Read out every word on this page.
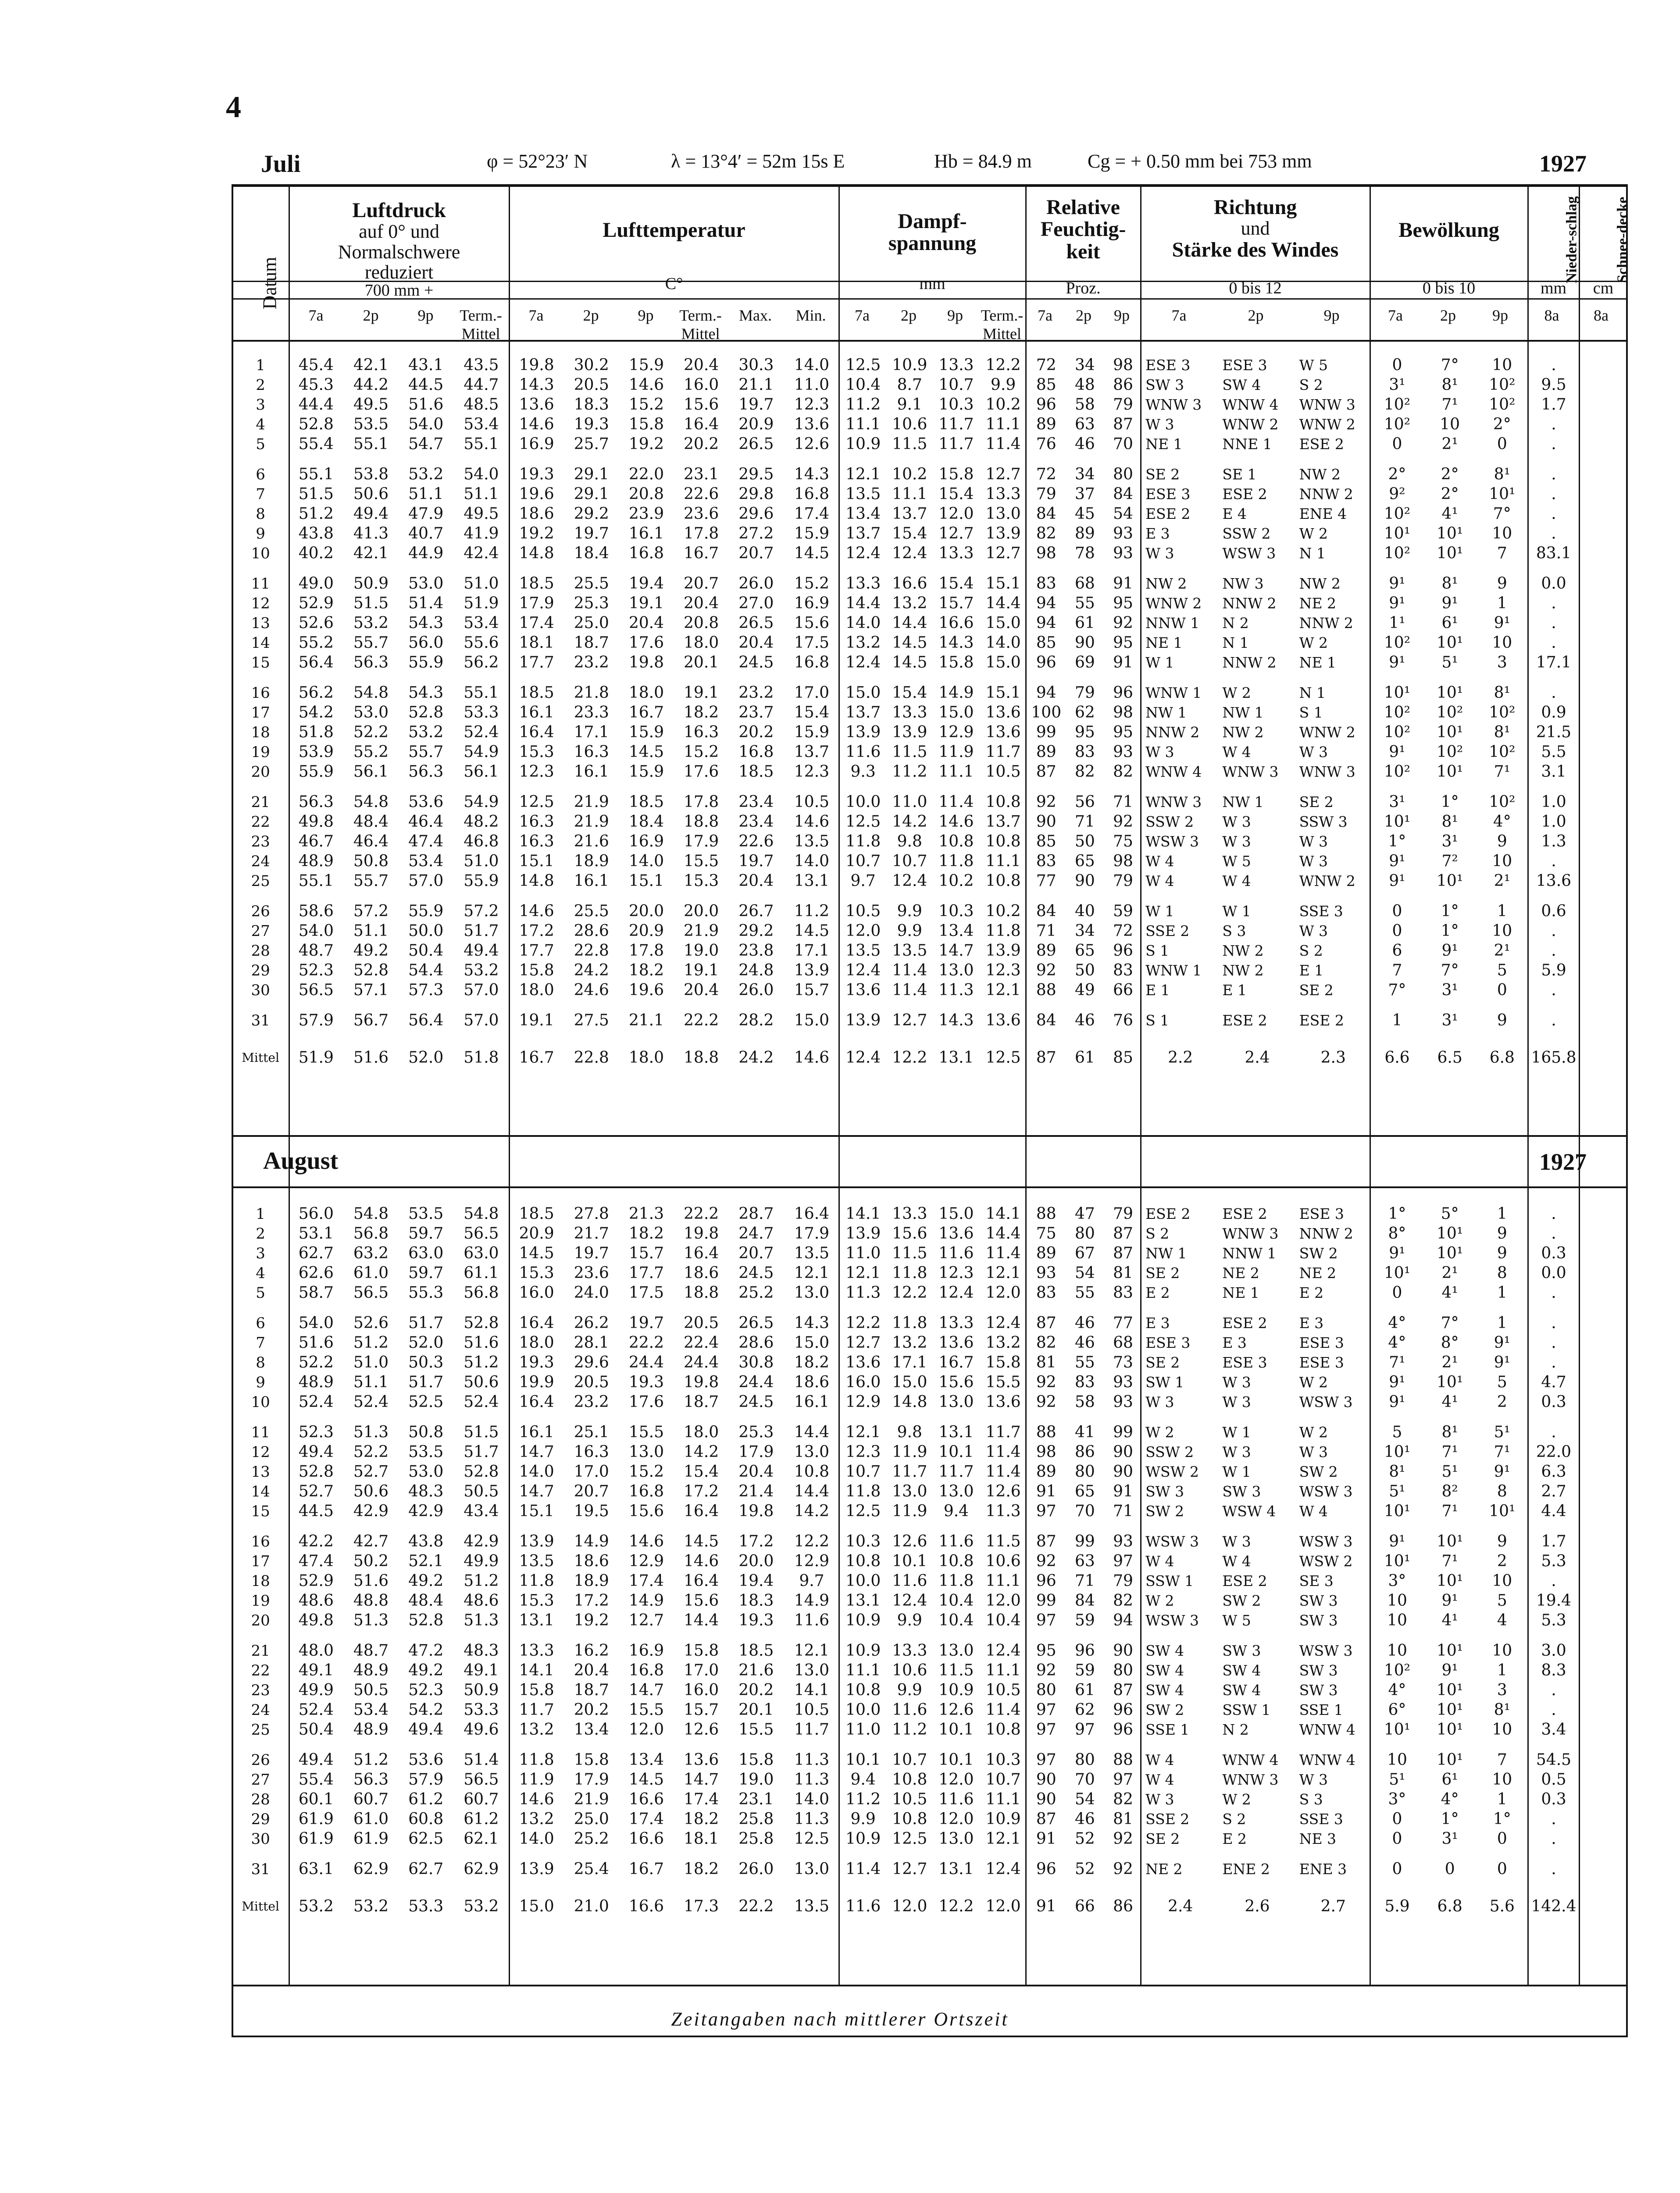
4
Juli	φ = 52°23′ N	λ = 13°4′ = 52m 15s E	Hb = 84.9 m	Cg = + 0.50 mm bei 753 mm	1927
Datum
Luftdruck
auf 0° und
Normalschwere
reduziert
700 mm +
Lufttemperatur
C°
Dampf-
spannung
mm
Relative
Feuchtig-
keit
Proz.
Richtung
und
Stärke des Windes
0 bis 12
Bewölkung
0 bis 10
Nieder-schlag
mm
Schnee-decke
cm
7a	2p	9p	Term.-Mittel
7a	2p	9p	Term.-Mittel
Max.	Min.	7a	2p	9p	Term.-Mittel
7a	2p	9p	7a	2p	9p	7a	2p	9p	8a	8a
1	45.4	42.1	43.1	43.5	19.8	30.2	15.9	20.4	30.3	14.0	12.5	10.9	13.3	12.2	72	34	98	ESE 3	ESE 3	W 5	0	7°	10	.	
2	45.3	44.2	44.5	44.7	14.3	20.5	14.6	16.0	21.1	11.0	10.4	8.7	10.7	9.9	85	48	86	SW 3	SW 4	S 2	3¹	8¹	10²	9.5	
3	44.4	49.5	51.6	48.5	13.6	18.3	15.2	15.6	19.7	12.3	11.2	9.1	10.3	10.2	96	58	79	WNW 3	WNW 4	WNW 3	10²	7¹	10²	1.7	
4	52.8	53.5	54.0	53.4	14.6	19.3	15.8	16.4	20.9	13.6	11.1	10.6	11.7	11.1	89	63	87	W 3	WNW 2	WNW 2	10²	10	2°	.	
5	55.4	55.1	54.7	55.1	16.9	25.7	19.2	20.2	26.5	12.6	10.9	11.5	11.7	11.4	76	46	70	NE 1	NNE 1	ESE 2	0	2¹	0	.	

6	55.1	53.8	53.2	54.0	19.3	29.1	22.0	23.1	29.5	14.3	12.1	10.2	15.8	12.7	72	34	80	SE 2	SE 1	NW 2	2°	2°	8¹	.	
7	51.5	50.6	51.1	51.1	19.6	29.1	20.8	22.6	29.8	16.8	13.5	11.1	15.4	13.3	79	37	84	ESE 3	ESE 2	NNW 2	9²	2°	10¹	.	
8	51.2	49.4	47.9	49.5	18.6	29.2	23.9	23.6	29.6	17.4	13.4	13.7	12.0	13.0	84	45	54	ESE 2	E 4	ENE 4	10²	4¹	7°	.	
9	43.8	41.3	40.7	41.9	19.2	19.7	16.1	17.8	27.2	15.9	13.7	15.4	12.7	13.9	82	89	93	E 3	SSW 2	W 2	10¹	10¹	10	.	
10	40.2	42.1	44.9	42.4	14.8	18.4	16.8	16.7	20.7	14.5	12.4	12.4	13.3	12.7	98	78	93	W 3	WSW 3	N 1	10²	10¹	7	83.1	

11	49.0	50.9	53.0	51.0	18.5	25.5	19.4	20.7	26.0	15.2	13.3	16.6	15.4	15.1	83	68	91	NW 2	NW 3	NW 2	9¹	8¹	9	0.0	
12	52.9	51.5	51.4	51.9	17.9	25.3	19.1	20.4	27.0	16.9	14.4	13.2	15.7	14.4	94	55	95	WNW 2	NNW 2	NE 2	9¹	9¹	1	.	
13	52.6	53.2	54.3	53.4	17.4	25.0	20.4	20.8	26.5	15.6	14.0	14.4	16.6	15.0	94	61	92	NNW 1	N 2	NNW 2	1¹	6¹	9¹	.	
14	55.2	55.7	56.0	55.6	18.1	18.7	17.6	18.0	20.4	17.5	13.2	14.5	14.3	14.0	85	90	95	NE 1	N 1	W 2	10²	10¹	10	.	
15	56.4	56.3	55.9	56.2	17.7	23.2	19.8	20.1	24.5	16.8	12.4	14.5	15.8	15.0	96	69	91	W 1	NNW 2	NE 1	9¹	5¹	3	17.1	

16	56.2	54.8	54.3	55.1	18.5	21.8	18.0	19.1	23.2	17.0	15.0	15.4	14.9	15.1	94	79	96	WNW 1	W 2	N 1	10¹	10¹	8¹	.	
17	54.2	53.0	52.8	53.3	16.1	23.3	16.7	18.2	23.7	15.4	13.7	13.3	15.0	13.6	100	62	98	NW 1	NW 1	S 1	10²	10²	10²	0.9	
18	51.8	52.2	53.2	52.4	16.4	17.1	15.9	16.3	20.2	15.9	13.9	13.9	12.9	13.6	99	95	95	NNW 2	NW 2	WNW 2	10²	10¹	8¹	21.5	
19	53.9	55.2	55.7	54.9	15.3	16.3	14.5	15.2	16.8	13.7	11.6	11.5	11.9	11.7	89	83	93	W 3	W 4	W 3	9¹	10²	10²	5.5	
20	55.9	56.1	56.3	56.1	12.3	16.1	15.9	17.6	18.5	12.3	9.3	11.2	11.1	10.5	87	82	82	WNW 4	WNW 3	WNW 3	10²	10¹	7¹	3.1	

21	56.3	54.8	53.6	54.9	12.5	21.9	18.5	17.8	23.4	10.5	10.0	11.0	11.4	10.8	92	56	71	WNW 3	NW 1	SE 2	3¹	1°	10²	1.0	
22	49.8	48.4	46.4	48.2	16.3	21.9	18.4	18.8	23.4	14.6	12.5	14.2	14.6	13.7	90	71	92	SSW 2	W 3	SSW 3	10¹	8¹	4°	1.0	
23	46.7	46.4	47.4	46.8	16.3	21.6	16.9	17.9	22.6	13.5	11.8	9.8	10.8	10.8	85	50	75	WSW 3	W 3	W 3	1°	3¹	9	1.3	
24	48.9	50.8	53.4	51.0	15.1	18.9	14.0	15.5	19.7	14.0	10.7	10.7	11.8	11.1	83	65	98	W 4	W 5	W 3	9¹	7²	10	.	
25	55.1	55.7	57.0	55.9	14.8	16.1	15.1	15.3	20.4	13.1	9.7	12.4	10.2	10.8	77	90	79	W 4	W 4	WNW 2	9¹	10¹	2¹	13.6	

26	58.6	57.2	55.9	57.2	14.6	25.5	20.0	20.0	26.7	11.2	10.5	9.9	10.3	10.2	84	40	59	W 1	W 1	SSE 3	0	1°	1	0.6	
27	54.0	51.1	50.0	51.7	17.2	28.6	20.9	21.9	29.2	14.5	12.0	9.9	13.4	11.8	71	34	72	SSE 2	S 3	W 3	0	1°	10	.	
28	48.7	49.2	50.4	49.4	17.7	22.8	17.8	19.0	23.8	17.1	13.5	13.5	14.7	13.9	89	65	96	S 1	NW 2	S 2	6	9¹	2¹	.	
29	52.3	52.8	54.4	53.2	15.8	24.2	18.2	19.1	24.8	13.9	12.4	11.4	13.0	12.3	92	50	83	WNW 1	NW 2	E 1	7	7°	5	5.9	
30	56.5	57.1	57.3	57.0	18.0	24.6	19.6	20.4	26.0	15.7	13.6	11.4	11.3	12.1	88	49	66	E 1	E 1	SE 2	7°	3¹	0	.	

31	57.9	56.7	56.4	57.0	19.1	27.5	21.1	22.2	28.2	15.0	13.9	12.7	14.3	13.6	84	46	76	S 1	ESE 2	ESE 2	1	3¹	9	.	

Mittel	51.9	51.6	52.0	51.8	16.7	22.8	18.0	18.8	24.2	14.6	12.4	12.2	13.1	12.5	87	61	85	2.2	2.4	2.3	6.6	6.5	6.8	165.8	
August	1927
1	56.0	54.8	53.5	54.8	18.5	27.8	21.3	22.2	28.7	16.4	14.1	13.3	15.0	14.1	88	47	79	ESE 2	ESE 2	ESE 3	1°	5°	1	.	
2	53.1	56.8	59.7	56.5	20.9	21.7	18.2	19.8	24.7	17.9	13.9	15.6	13.6	14.4	75	80	87	S 2	WNW 3	NNW 2	8°	10¹	9	.	
3	62.7	63.2	63.0	63.0	14.5	19.7	15.7	16.4	20.7	13.5	11.0	11.5	11.6	11.4	89	67	87	NW 1	NNW 1	SW 2	9¹	10¹	9	0.3	
4	62.6	61.0	59.7	61.1	15.3	23.6	17.7	18.6	24.5	12.1	12.1	11.8	12.3	12.1	93	54	81	SE 2	NE 2	NE 2	10¹	2¹	8	0.0	
5	58.7	56.5	55.3	56.8	16.0	24.0	17.5	18.8	25.2	13.0	11.3	12.2	12.4	12.0	83	55	83	E 2	NE 1	E 2	0	4¹	1	.	

6	54.0	52.6	51.7	52.8	16.4	26.2	19.7	20.5	26.5	14.3	12.2	11.8	13.3	12.4	87	46	77	E 3	ESE 2	E 3	4°	7°	1	.	
7	51.6	51.2	52.0	51.6	18.0	28.1	22.2	22.4	28.6	15.0	12.7	13.2	13.6	13.2	82	46	68	ESE 3	E 3	ESE 3	4°	8°	9¹	.	
8	52.2	51.0	50.3	51.2	19.3	29.6	24.4	24.4	30.8	18.2	13.6	17.1	16.7	15.8	81	55	73	SE 2	ESE 3	ESE 3	7¹	2¹	9¹	.	
9	48.9	51.1	51.7	50.6	19.9	20.5	19.3	19.8	24.4	18.6	16.0	15.0	15.6	15.5	92	83	93	SW 1	W 3	W 2	9¹	10¹	5	4.7	
10	52.4	52.4	52.5	52.4	16.4	23.2	17.6	18.7	24.5	16.1	12.9	14.8	13.0	13.6	92	58	93	W 3	W 3	WSW 3	9¹	4¹	2	0.3	

11	52.3	51.3	50.8	51.5	16.1	25.1	15.5	18.0	25.3	14.4	12.1	9.8	13.1	11.7	88	41	99	W 2	W 1	W 2	5	8¹	5¹	.	
12	49.4	52.2	53.5	51.7	14.7	16.3	13.0	14.2	17.9	13.0	12.3	11.9	10.1	11.4	98	86	90	SSW 2	W 3	W 3	10¹	7¹	7¹	22.0	
13	52.8	52.7	53.0	52.8	14.0	17.0	15.2	15.4	20.4	10.8	10.7	11.7	11.7	11.4	89	80	90	WSW 2	W 1	SW 2	8¹	5¹	9¹	6.3	
14	52.7	50.6	48.3	50.5	14.7	20.7	16.8	17.2	21.4	14.4	11.8	13.0	13.0	12.6	91	65	91	SW 3	SW 3	WSW 3	5¹	8²	8	2.7	
15	44.5	42.9	42.9	43.4	15.1	19.5	15.6	16.4	19.8	14.2	12.5	11.9	9.4	11.3	97	70	71	SW 2	WSW 4	W 4	10¹	7¹	10¹	4.4	

16	42.2	42.7	43.8	42.9	13.9	14.9	14.6	14.5	17.2	12.2	10.3	12.6	11.6	11.5	87	99	93	WSW 3	W 3	WSW 3	9¹	10¹	9	1.7	
17	47.4	50.2	52.1	49.9	13.5	18.6	12.9	14.6	20.0	12.9	10.8	10.1	10.8	10.6	92	63	97	W 4	W 4	WSW 2	10¹	7¹	2	5.3	
18	52.9	51.6	49.2	51.2	11.8	18.9	17.4	16.4	19.4	9.7	10.0	11.6	11.8	11.1	96	71	79	SSW 1	ESE 2	SE 3	3°	10¹	10	.	
19	48.6	48.8	48.4	48.6	15.3	17.2	14.9	15.6	18.3	14.9	13.1	12.4	10.4	12.0	99	84	82	W 2	SW 2	SW 3	10	9¹	5	19.4	
20	49.8	51.3	52.8	51.3	13.1	19.2	12.7	14.4	19.3	11.6	10.9	9.9	10.4	10.4	97	59	94	WSW 3	W 5	SW 3	10	4¹	4	5.3	

21	48.0	48.7	47.2	48.3	13.3	16.2	16.9	15.8	18.5	12.1	10.9	13.3	13.0	12.4	95	96	90	SW 4	SW 3	WSW 3	10	10¹	10	3.0	
22	49.1	48.9	49.2	49.1	14.1	20.4	16.8	17.0	21.6	13.0	11.1	10.6	11.5	11.1	92	59	80	SW 4	SW 4	SW 3	10²	9¹	1	8.3	
23	49.9	50.5	52.3	50.9	15.8	18.7	14.7	16.0	20.2	14.1	10.8	9.9	10.9	10.5	80	61	87	SW 4	SW 4	SW 3	4°	10¹	3	.	
24	52.4	53.4	54.2	53.3	11.7	20.2	15.5	15.7	20.1	10.5	10.0	11.6	12.6	11.4	97	62	96	SW 2	SSW 1	SSE 1	6°	10¹	8¹	.	
25	50.4	48.9	49.4	49.6	13.2	13.4	12.0	12.6	15.5	11.7	11.0	11.2	10.1	10.8	97	97	96	SSE 1	N 2	WNW 4	10¹	10¹	10	3.4	

26	49.4	51.2	53.6	51.4	11.8	15.8	13.4	13.6	15.8	11.3	10.1	10.7	10.1	10.3	97	80	88	W 4	WNW 4	WNW 4	10	10¹	7	54.5	
27	55.4	56.3	57.9	56.5	11.9	17.9	14.5	14.7	19.0	11.3	9.4	10.8	12.0	10.7	90	70	97	W 4	WNW 3	W 3	5¹	6¹	10	0.5	
28	60.1	60.7	61.2	60.7	14.6	21.9	16.6	17.4	23.1	14.0	11.2	10.5	11.6	11.1	90	54	82	W 3	W 2	S 3	3°	4°	1	0.3	
29	61.9	61.0	60.8	61.2	13.2	25.0	17.4	18.2	25.8	11.3	9.9	10.8	12.0	10.9	87	46	81	SSE 2	S 2	SSE 3	0	1°	1°	.	
30	61.9	61.9	62.5	62.1	14.0	25.2	16.6	18.1	25.8	12.5	10.9	12.5	13.0	12.1	91	52	92	SE 2	E 2	NE 3	0	3¹	0	.	

31	63.1	62.9	62.7	62.9	13.9	25.4	16.7	18.2	26.0	13.0	11.4	12.7	13.1	12.4	96	52	92	NE 2	ENE 2	ENE 3	0	0	0	.	

Mittel	53.2	53.2	53.3	53.2	15.0	21.0	16.6	17.3	22.2	13.5	11.6	12.0	12.2	12.0	91	66	86	2.4	2.6	2.7	5.9	6.8	5.6	142.4	
Zeitangaben nach mittlerer Ortszeit
